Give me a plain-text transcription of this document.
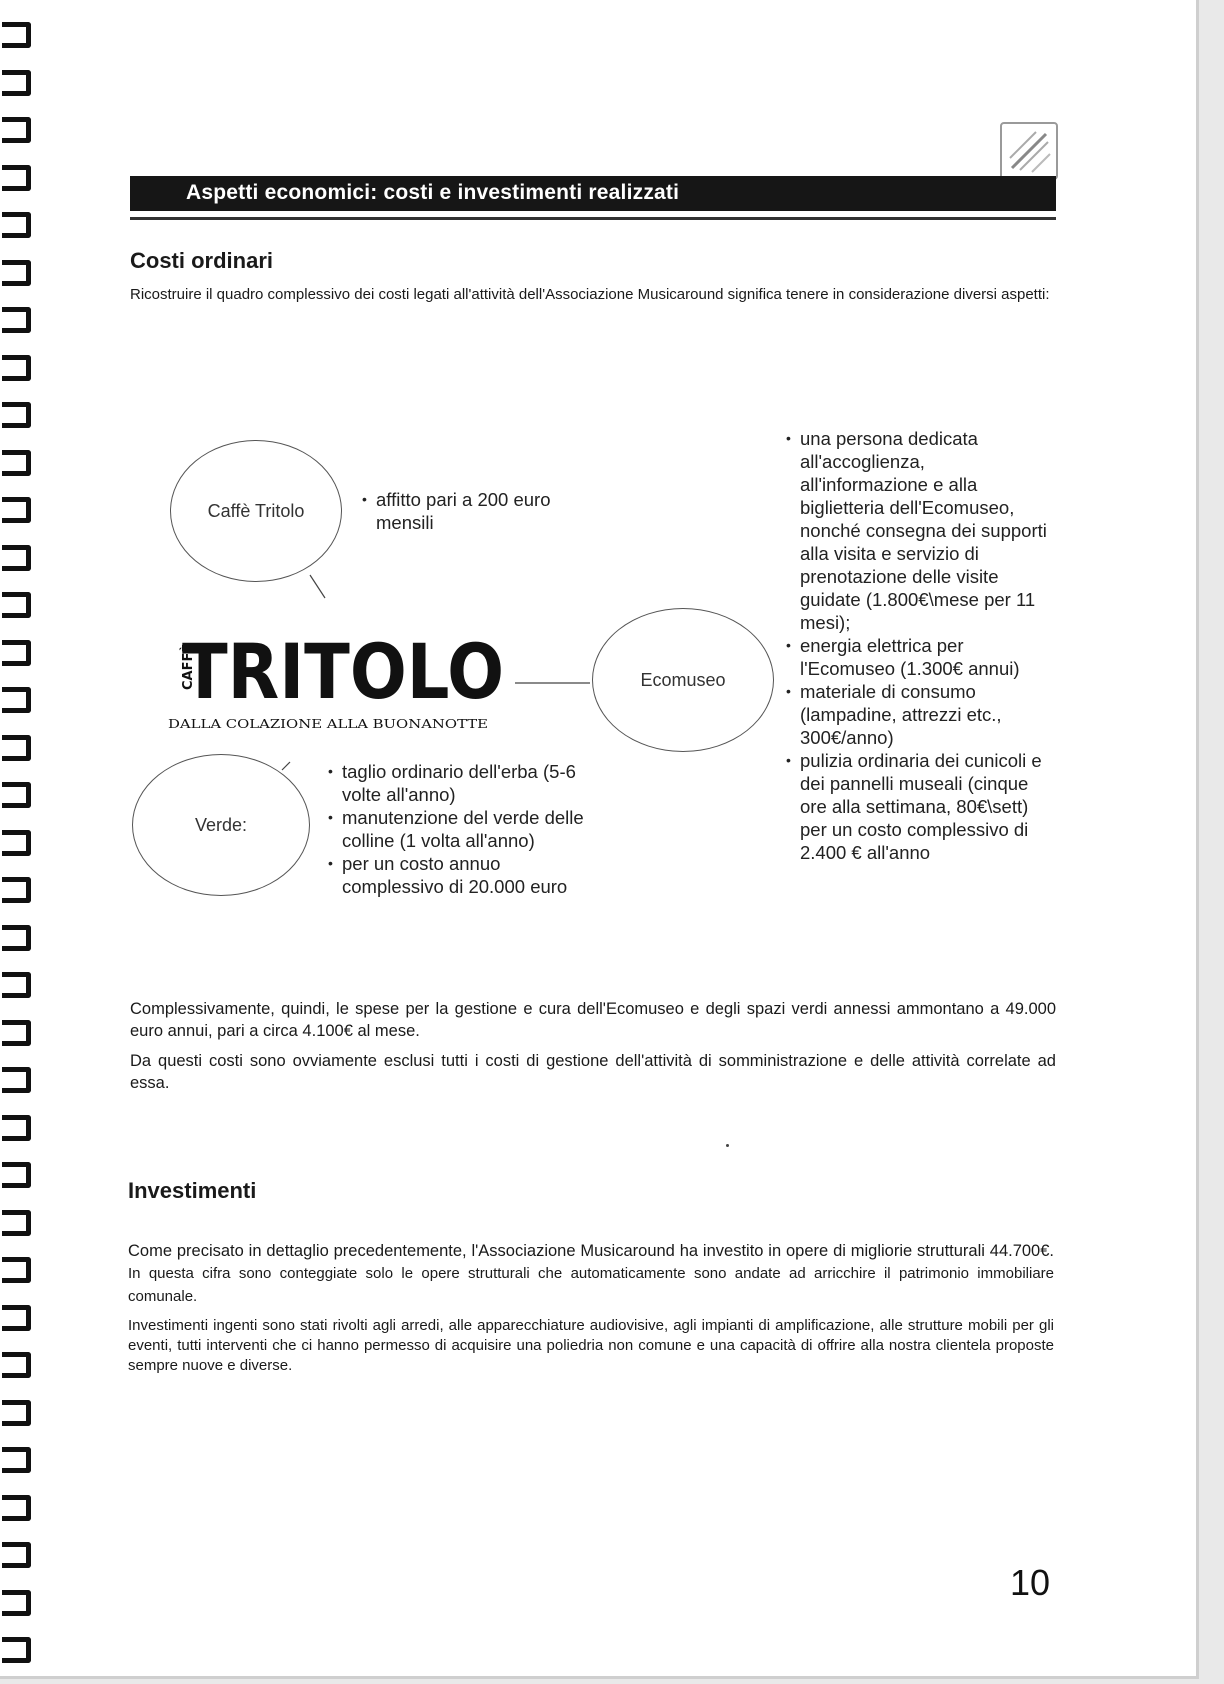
Aspetti economici: costi e investimenti realizzati
Costi ordinari

Ricostruire il quadro complessivo dei costi legati all'attività dell'Associazione Musicaround significa tenere in considerazione diversi aspetti:

Caffè Tritolo
• affitto pari a 200 euro mensili
CAFFÈ
TRITOLO
DALLA COLAZIONE ALLA BUONANOTTE
Ecomuseo
Verde:
• taglio ordinario dell'erba (5-6 volte all'anno)
• manutenzione del verde delle colline (1 volta all'anno)
• per un costo annuo complessivo di 20.000 euro
• una persona dedicata all'accoglienza, all'informazione e alla biglietteria dell'Ecomuseo, nonché consegna dei supporti alla visita e servizio di prenotazione delle visite guidate (1.800€\mese per 11 mesi);
• energia elettrica per l'Ecomuseo (1.300€ annui)
• materiale di consumo (lampadine, attrezzi etc., 300€/anno)
• pulizia ordinaria dei cunicoli e dei pannelli museali (cinque ore alla settimana, 80€\sett) per un costo complessivo di 2.400 € all'anno

Complessivamente, quindi, le spese per la gestione e cura dell'Ecomuseo e degli spazi verdi annessi ammontano a 49.000 euro annui, pari a circa 4.100€ al mese.

Da questi costi sono ovviamente esclusi tutti i costi di gestione dell'attività di somministrazione e delle attività correlate ad essa.

Investimenti

Come precisato in dettaglio precedentemente, l'Associazione Musicaround ha investito in opere di migliorie strutturali 44.700€. In questa cifra sono conteggiate solo le opere strutturali che automaticamente sono andate ad arricchire il patrimonio immobiliare comunale.

Investimenti ingenti sono stati rivolti agli arredi, alle apparecchiature audiovisive, agli impianti di amplificazione, alle strutture mobili per gli eventi, tutti interventi che ci hanno permesso di acquisire una poliedria non comune e una capacità di offrire alla nostra clientela proposte sempre nuove e diverse.

10
